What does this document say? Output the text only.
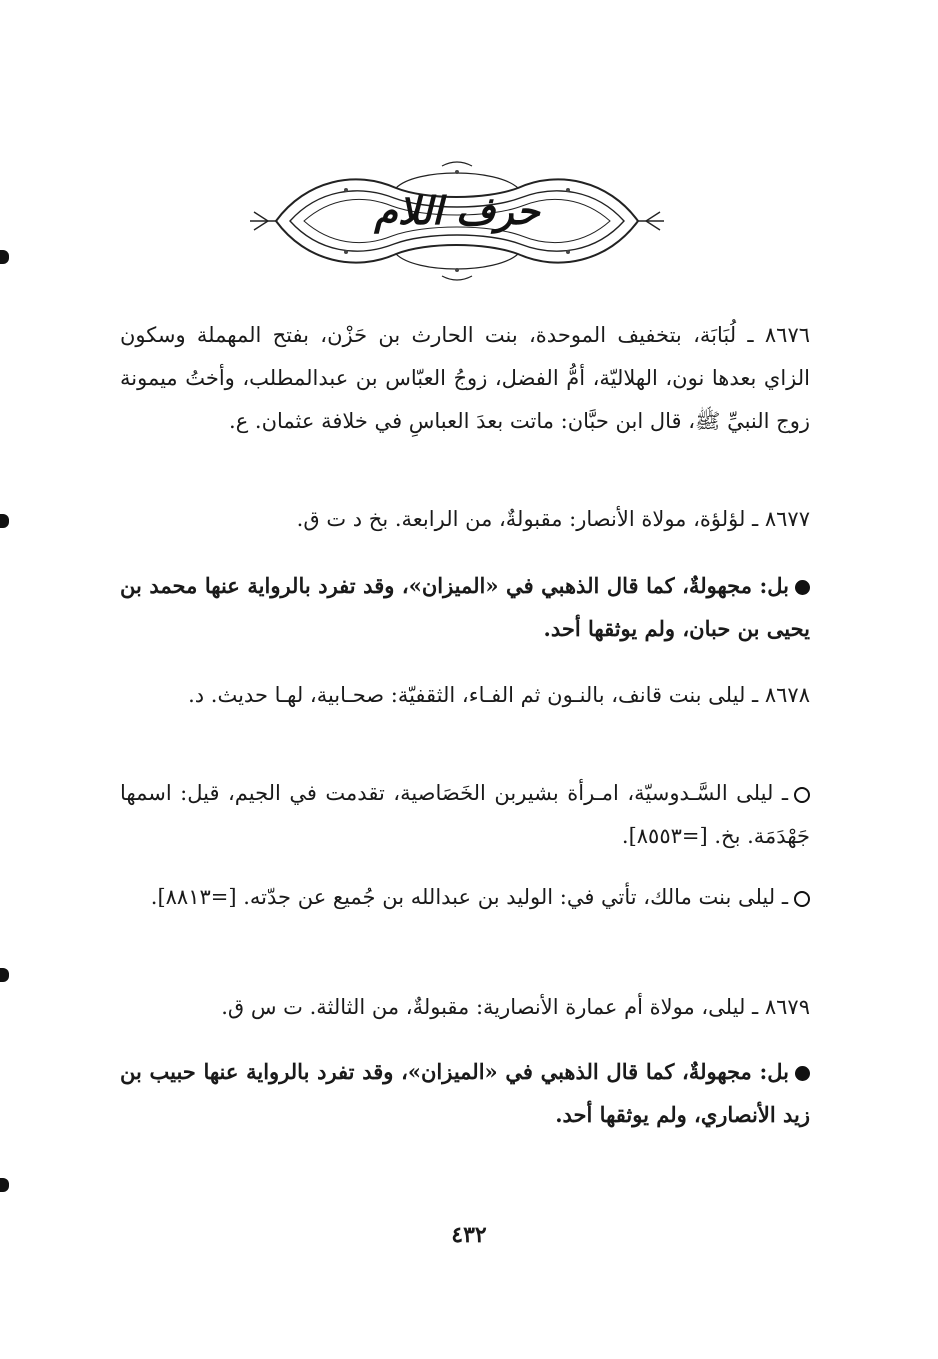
حرف اللام
٨٦٧٦ ـ لُبَابَة، بتخفيف الموحدة، بنت الحارث بن حَزْن، بفتح المهملة وسكون الزاي بعدها نون، الهلاليّة، أمُّ الفضل، زوجُ العبّاس بن عبدالمطلب، وأختُ ميمونة زوج النبيِّ ﷺ، قال ابن حبَّان: ماتت بعدَ العباسِ في خلافة عثمان. ع.
٨٦٧٧ ـ لؤلؤة، مولاة الأنصار: مقبولةٌ، من الرابعة. بخ د ت ق.
بل: مجهولةٌ، كما قال الذهبي في «الميزان»، وقد تفرد بالرواية عنها محمد بن يحيى بن حبان، ولم يوثقها أحد.
٨٦٧٨ ـ ليلى بنت قانف، بالنـون ثم الفـاء، الثقفيّة: صحـابية، لهـا حديث. د.
ـ ليلى السَّـدوسيّة، امـرأة بشيربن الخَصَاصية، تقدمت في الجيم، قيل: اسمها جَهْدَمَة. بخ. [=٨٥٥٣].
ـ ليلى بنت مالك، تأتي في: الوليد بن عبدالله بن جُميع عن جدّته. [=٨٨١٣].
٨٦٧٩ ـ ليلى، مولاة أم عمارة الأنصارية: مقبولةٌ، من الثالثة. ت س ق.
بل: مجهولةٌ، كما قال الذهبي في «الميزان»، وقد تفرد بالرواية عنها حبيب بن زيد الأنصاري، ولم يوثقها أحد.
٤٣٢
